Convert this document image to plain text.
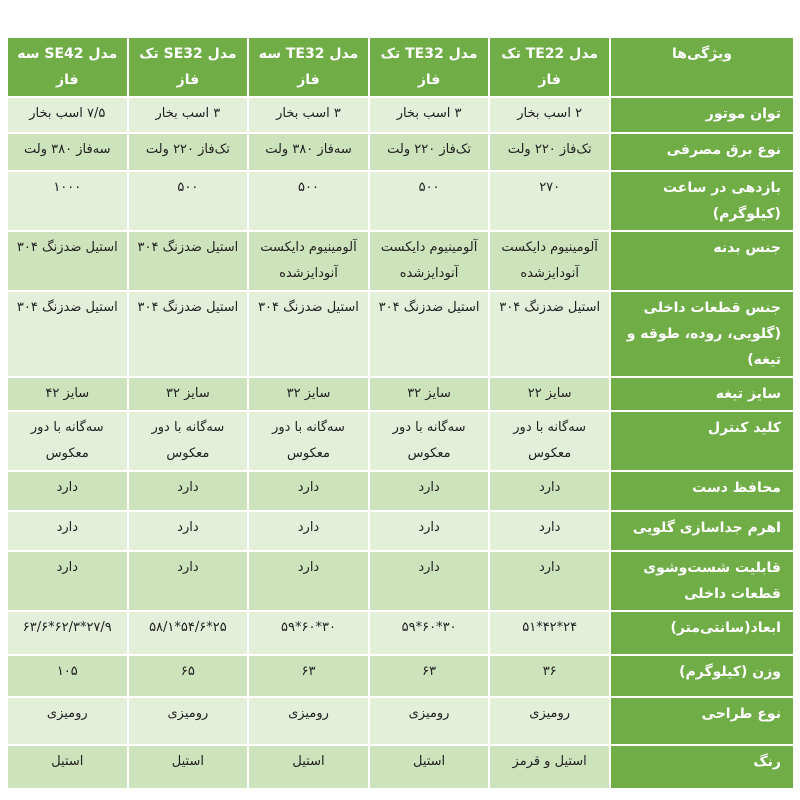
ویژگی‌ها	مدل TE22 تک فاز	مدل TE32 تک فاز	مدل TE32 سه فاز	مدل SE32 تک فاز	مدل SE42 سه فاز
توان موتور	۲ اسب بخار	۳ اسب بخار	۳ اسب بخار	۳ اسب بخار	۷/۵ اسب بخار
نوع برق مصرفی	تک‌فاز ۲۲۰ ولت	تک‌فاز ۲۲۰ ولت	سه‌فاز ۳۸۰ ولت	تک‌فاز ۲۲۰ ولت	سه‌فاز ۳۸۰ ولت
بازدهی در ساعت (کیلوگرم)	۲۷۰	۵۰۰	۵۰۰	۵۰۰	۱۰۰۰
جنس بدنه	آلومینیوم دایکست آنودایزشده	آلومینیوم دایکست آنودایزشده	آلومینیوم دایکست آنودایزشده	استیل ضدزنگ ۳۰۴	استیل ضدزنگ ۳۰۴
جنس قطعات داخلی (گلویی، روده، طوقه و تیغه)	استیل ضدزنگ ۳۰۴	استیل ضدزنگ ۳۰۴	استیل ضدزنگ ۳۰۴	استیل ضدزنگ ۳۰۴	استیل ضدزنگ ۳۰۴
سایز تیغه	سایز ۲۲	سایز ۳۲	سایز ۳۲	سایز ۳۲	سایز ۴۲
کلید کنترل	سه‌گانه با دور معکوس	سه‌گانه با دور معکوس	سه‌گانه با دور معکوس	سه‌گانه با دور معکوس	سه‌گانه با دور معکوس
محافظ دست	دارد	دارد	دارد	دارد	دارد
اهرم جداسازی گلویی	دارد	دارد	دارد	دارد	دارد
قابلیت شست‌وشوی قطعات داخلی	دارد	دارد	دارد	دارد	دارد
ابعاد(سانتی‌متر)	۲۴*۴۲*۵۱	۳۰*۶۰*۵۹	۳۰*۶۰*۵۹	۲۵*۵۴/۶*۵۸/۱	۲۷/۹*۶۲/۳*۶۳/۶
وزن (کیلوگرم)	۳۶	۶۳	۶۳	۶۵	۱۰۵
نوع طراحی	رومیزی	رومیزی	رومیزی	رومیزی	رومیزی
رنگ	استیل و قرمز	استیل	استیل	استیل	استیل
